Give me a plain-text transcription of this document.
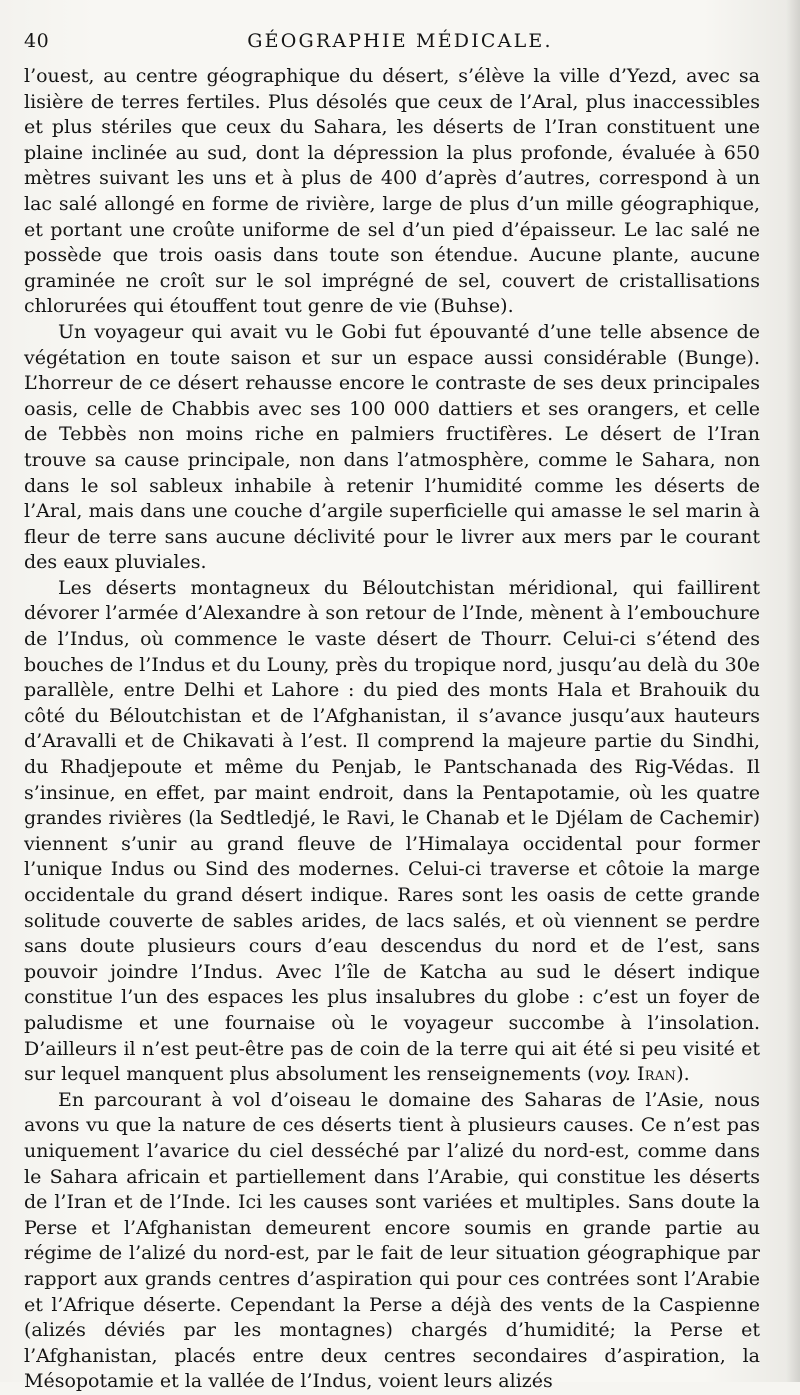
40	GÉOGRAPHIE MÉDICALE.

l’ouest, au centre géographique du désert, s’élève la ville d’Yezd, avec sa lisière de terres fertiles. Plus désolés que ceux de l’Aral, plus inaccessibles et plus stériles que ceux du Sahara, les déserts de l’Iran constituent une plaine inclinée au sud, dont la dépression la plus profonde, évaluée à 650 mètres suivant les uns et à plus de 400 d’après d’autres, correspond à un lac salé allongé en forme de rivière, large de plus d’un mille géographique, et portant une croûte uniforme de sel d’un pied d’épaisseur. Le lac salé ne possède que trois oasis dans toute son étendue. Aucune plante, aucune graminée ne croît sur le sol imprégné de sel, couvert de cristallisations chlorurées qui étouffent tout genre de vie (Buhse).

Un voyageur qui avait vu le Gobi fut épouvanté d’une telle absence de végétation en toute saison et sur un espace aussi considérable (Bunge). L’horreur de ce désert rehausse encore le contraste de ses deux principales oasis, celle de Chabbis avec ses 100 000 dattiers et ses orangers, et celle de Tebbès non moins riche en palmiers fructifères. Le désert de l’Iran trouve sa cause principale, non dans l’atmosphère, comme le Sahara, non dans le sol sableux inhabile à retenir l’humidité comme les déserts de l’Aral, mais dans une couche d’argile superficielle qui amasse le sel marin à fleur de terre sans aucune déclivité pour le livrer aux mers par le courant des eaux pluviales.

Les déserts montagneux du Béloutchistan méridional, qui faillirent dévorer l’armée d’Alexandre à son retour de l’Inde, mènent à l’embouchure de l’Indus, où commence le vaste désert de Thourr. Celui-ci s’étend des bouches de l’Indus et du Louny, près du tropique nord, jusqu’au delà du 30e parallèle, entre Delhi et Lahore : du pied des monts Hala et Brahouik du côté du Béloutchistan et de l’Afghanistan, il s’avance jusqu’aux hauteurs d’Aravalli et de Chikavati à l’est. Il comprend la majeure partie du Sindhi, du Rhadjepoute et même du Penjab, le Pantschanada des Rig-Védas. Il s’insinue, en effet, par maint endroit, dans la Pentapotamie, où les quatre grandes rivières (la Sedtledjé, le Ravi, le Chanab et le Djélam de Cachemir) viennent s’unir au grand fleuve de l’Himalaya occidental pour former l’unique Indus ou Sind des modernes. Celui-ci traverse et côtoie la marge occidentale du grand désert indique. Rares sont les oasis de cette grande solitude couverte de sables arides, de lacs salés, et où viennent se perdre sans doute plusieurs cours d’eau descendus du nord et de l’est, sans pouvoir joindre l’Indus. Avec l’île de Katcha au sud le désert indique constitue l’un des espaces les plus insalubres du globe : c’est un foyer de paludisme et une fournaise où le voyageur succombe à l’insolation. D’ailleurs il n’est peut-être pas de coin de la terre qui ait été si peu visité et sur lequel manquent plus absolument les renseignements (voy. Iran).

En parcourant à vol d’oiseau le domaine des Saharas de l’Asie, nous avons vu que la nature de ces déserts tient à plusieurs causes. Ce n’est pas uniquement l’avarice du ciel desséché par l’alizé du nord-est, comme dans le Sahara africain et partiellement dans l’Arabie, qui constitue les déserts de l’Iran et de l’Inde. Ici les causes sont variées et multiples. Sans doute la Perse et l’Afghanistan demeurent encore soumis en grande partie au régime de l’alizé du nord-est, par le fait de leur situation géographique par rapport aux grands centres d’aspiration qui pour ces contrées sont l’Arabie et l’Afrique déserte. Cependant la Perse a déjà des vents de la Caspienne (alizés déviés par les montagnes) chargés d’humidité; la Perse et l’Afghanistan, placés entre deux centres secondaires d’aspiration, la Mésopotamie et la vallée de l’Indus, voient leurs alizés
